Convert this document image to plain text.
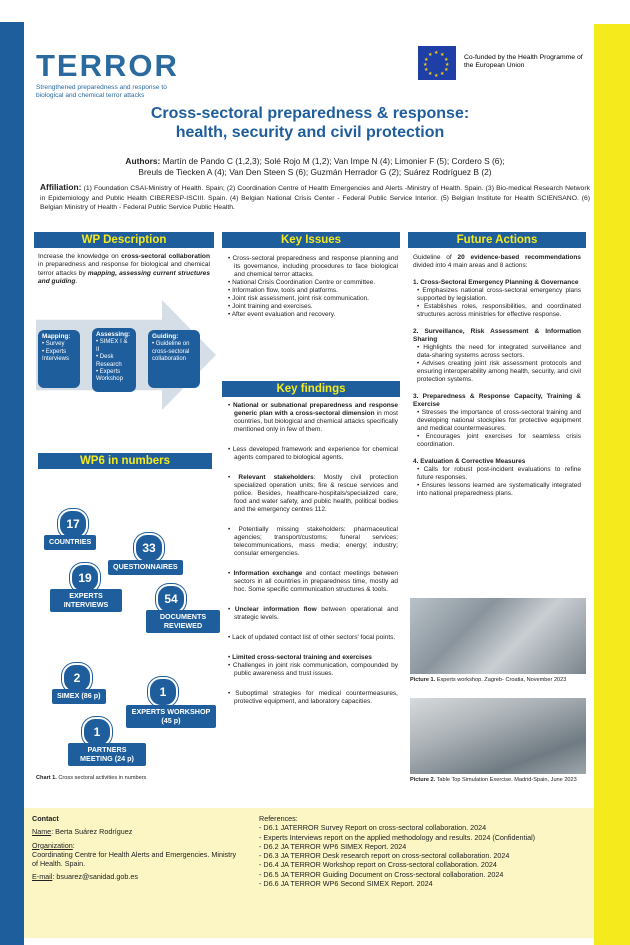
TERROR
Strengthened preparedness and response to biological and chemical terror attacks
★ ★
★
★
★
★
★
★
★
★
★
★	Co-funded by the Health Programme of the European Union
Cross-sectoral preparedness & response:
health, security and civil protection
Authors: Martín de Pando C (1,2,3); Solé Rojo M (1,2); Van Impe N (4); Limonier F (5); Cordero S (6);
Breuls de Tiecken A (4); Van Den Steen S (6); Guzmán Herrador G (2); Suárez Rodríguez B (2)
Affiliation: (1) Foundation CSAI-Ministry of Health. Spain; (2) Coordination Centre of Health Emergencies and Alerts -Ministry of Health. Spain. (3) Bio-medical Research Network in Epidemiology and Public Health CIBERESP-ISCIII. Spain. (4) Belgian National Crisis Center - Federal Public Service Interior. (5) Belgian Institute for Health SCIENSANO. (6) Belgian Ministry of Health - Federal Public Service Public Health.
WP Description
Increase the knowledge on cross-sectoral collaboration in preparedness and response for biological and chemical terror attacks by mapping, assessing current structures and guiding.
Mapping:
• Survey
• Experts Interviews
Assessing:
• SIMEX I & II
• Desk Research
• Experts Workshop
Guiding:
• Guideline on cross-sectoral collaboration
WP6 in numbers
17
COUNTRIES	33
QUESTIONNAIRES
19
EXPERTS INTERVIEWS	54
DOCUMENTS REVIEWED
2
SIMEX (86 p)	1
EXPERTS WORKSHOP (45 p)
1
PARTNERS MEETING (24 p)
Chart 1. Cross sectoral activities in numbers
Key Issues
• Cross-sectoral preparedness and response planning and its governance, including procedures to face biological and chemical terror attacks.
• National Crisis Coordination Centre or committee.
• Information flow, tools and platforms.
• Joint risk assessment, joint risk communication.
• Joint training and exercises.
• After event evaluation and recovery.
Key findings
• National or subnational preparedness and response generic plan with a cross-sectoral dimension in most countries, but biological and chemical attacks specifically mentioned only in few of them.
• Less developed framework and experience for chemical agents compared to biological agents.
• Relevant stakeholders: Mostly civil protection specialized operation units; fire & rescue services and police. Besides, healthcare-hospitals/specialized care, food and water safety, and public health, political bodies and the emergency centres 112.
• Potentially missing stakeholders: pharmaceutical agencies; transport/customs; funeral services; telecommunications, mass media; energy; industry; consular emergencies.
• Information exchange and contact meetings between sectors in all countries in preparedness time, mostly ad hoc. Some specific communication structures & tools.
• Unclear information flow between operational and strategic levels.
• Lack of updated contact list of other sectors' focal points.
• Limited cross-sectoral training and exercises
• Challenges in joint risk communication, compounded by public awareness and trust issues.
• Suboptimal strategies for medical countermeasures, protective equipment, and laboratory capacities.
Future Actions
Guideline of 20 evidence-based recommendations divided into 4 main areas and 8 actions:
1. Cross-Sectoral Emergency Planning & Governance
• Emphasizes national cross-sectoral emergency plans supported by legislation.
• Establishes roles, responsibilities, and coordinated structures across ministries for effective response.
2. Surveillance, Risk Assessment & Information Sharing
• Highlights the need for integrated surveillance and data-sharing systems across sectors.
• Advises creating joint risk assessment protocols and ensuring interoperability among health, security, and civil protection systems.
3. Preparedness & Response Capacity, Training & Exercise
• Stresses the importance of cross-sectoral training and developing national stockpiles for protective equipment and medical countermeasures.
• Encourages joint exercises for seamless crisis coordination.
4. Evaluation & Corrective Measures
• Calls for robust post-incident evaluations to refine future responses.
• Ensures lessons learned are systematically integrated into national preparedness plans.
Picture 1. Experts workshop. Zagreb- Croatia, November 2023
Picture 2. Table Top Simulation Exercise. Madrid-Spain, June 2023
Contact
Name: Berta Suárez Rodríguez
Organization:
Coordinating Centre for Health Alerts and Emergencies. Ministry of Health. Spain.
E-mail: bsuarez@sanidad.gob.es
References:
- D6.1 JATERROR Survey Report on cross-sectoral collaboration. 2024
- Experts Interviews report on the applied methodology and results. 2024 (Confidential)
- D6.2 JA TERROR WP6 SIMEX Report. 2024
- D6.3 JA TERROR Desk research report on cross-sectoral collaboration. 2024
- D6.4 JA TERROR Workshop report on Cross-sectoral collaboration. 2024
- D6.5 JA TERROR Guiding Document on Cross-sectoral collaboration. 2024
- D6.6 JA TERROR WP6 Second SIMEX Report. 2024
